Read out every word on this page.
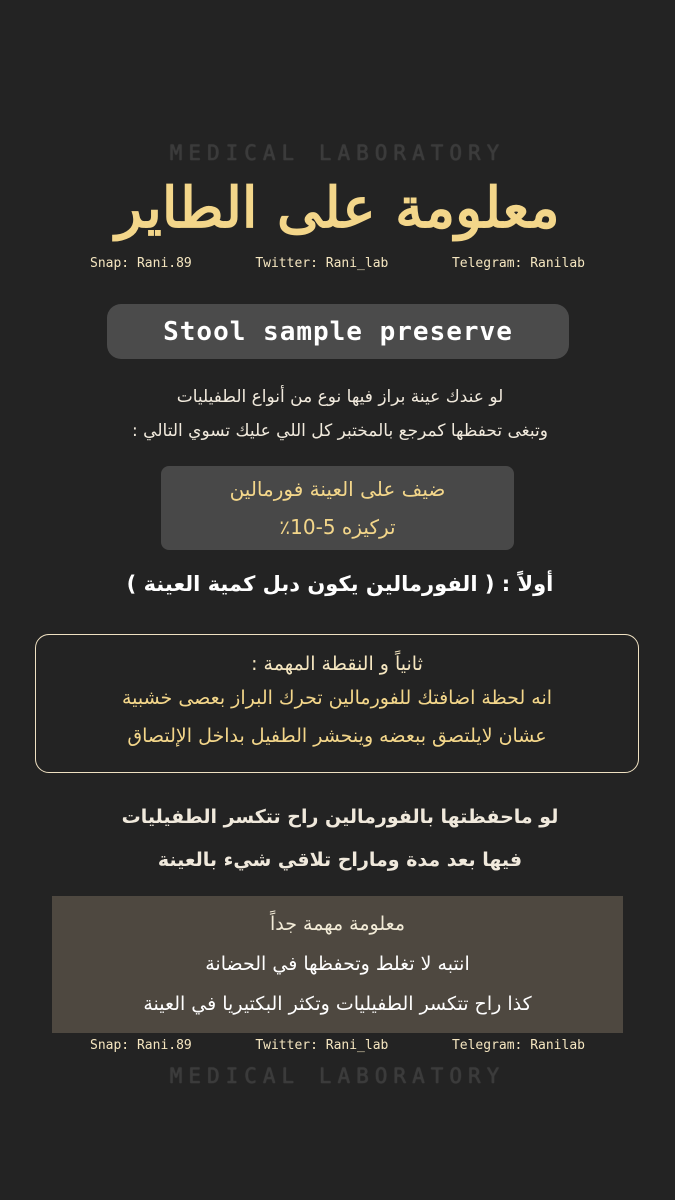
MEDICAL LABORATORY
معلومة على الطاير
Snap: Rani.89	Twitter: Rani_lab	Telegram: Ranilab
Stool sample preserve
لو عندك عينة براز فيها نوع من أنواع الطفيليات
وتبغى تحفظها كمرجع بالمختبر كل اللي عليك تسوي التالي :
ضيف على العينة فورمالين
تركيزه 5-10٪
أولاً : ( الفورمالين يكون دبل كمية العينة )
ثانياً و النقطة المهمة :
انه لحظة اضافتك للفورمالين تحرك البراز بعصى خشبية
عشان لايلتصق ببعضه وينحشر الطفيل بداخل الإلتصاق
لو ماحفظتها بالفورمالين راح تتكسر الطفيليات
فيها بعد مدة وماراح تلاقي شيء بالعينة
معلومة مهمة جداً
انتبه لا تغلط وتحفظها في الحضانة
كذا راح تتكسر الطفيليات وتكثر البكتيريا في العينة
Snap: Rani.89	Twitter: Rani_lab	Telegram: Ranilab
MEDICAL LABORATORY
